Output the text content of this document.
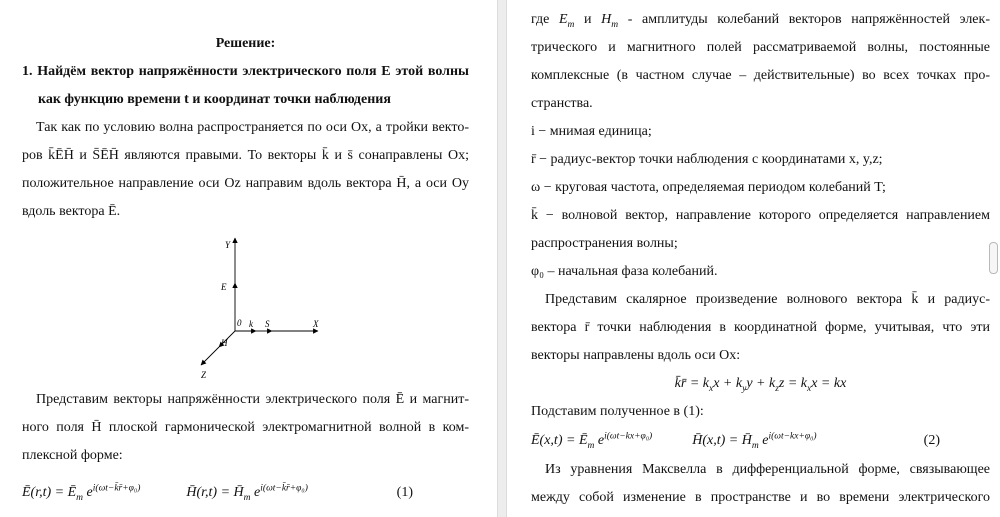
Решение:
1. Найдём вектор напряжённости электрического поля E этой волны
как функцию времени t и координат точки наблюдения
Так как по условию волна распространяется по оси Ох, а тройки векто-
ров k̄ĒH̄ и S̄ĒH̄ являются правыми. То векторы k̄ и s̄ сонаправлены Ох;
положительное направление оси Oz направим вдоль вектора H̄, а оси Оу
вдоль вектора Ē.
Y
E
0 k S	X
H
Z
Представим векторы напряжённости электрического поля Ē и магнит-
ного поля H̄ плоской гармонической электромагнитной волной в ком-
плексной форме:
Ē(r,t) = $Ē_m$ $e^{i(\omega t-k̄r̄+\varphi_0)}$	H̄(r,t) = $H̄_m$ $e^{i(\omega t-k̄r̄+\varphi_0)}$	(1)
где $E_m$ и $H_m$ - амплитуды колебаний векторов напряжённостей элек-
трического и магнитного полей рассматриваемой волны, постоянные
комплексные (в частном случае – действительные) во всех точках про-
странства.
i − мнимая единица;
r̄ − радиус-вектор точки наблюдения с координатами x, y,z;
ω − круговая частота, определяемая периодом колебаний T;
k̄ − волновой вектор, направление которого определяется направлением
распространения волны;
φ₀ – начальная фаза колебаний.
Представим скалярное произведение волнового вектора k̄ и радиус-
вектора r̄ точки наблюдения в координатной форме, учитывая, что эти
векторы направлены вдоль оси Ох:
k̄r̄ = $k_xx + k_yy + k_zz = k_xx$ = kx
Подставим полученное в (1):
Ē(x,t) = $Ē_m$ $e^{i(\omega t-kx+\varphi_0)}$	H̄(x,t) = $H̄_m$ $e^{i(\omega t-kx+\varphi_0)}$	(2)
Из уравнения Максвелла в дифференциальной форме, связывающее
между собой изменение в пространстве и во времени электрического
